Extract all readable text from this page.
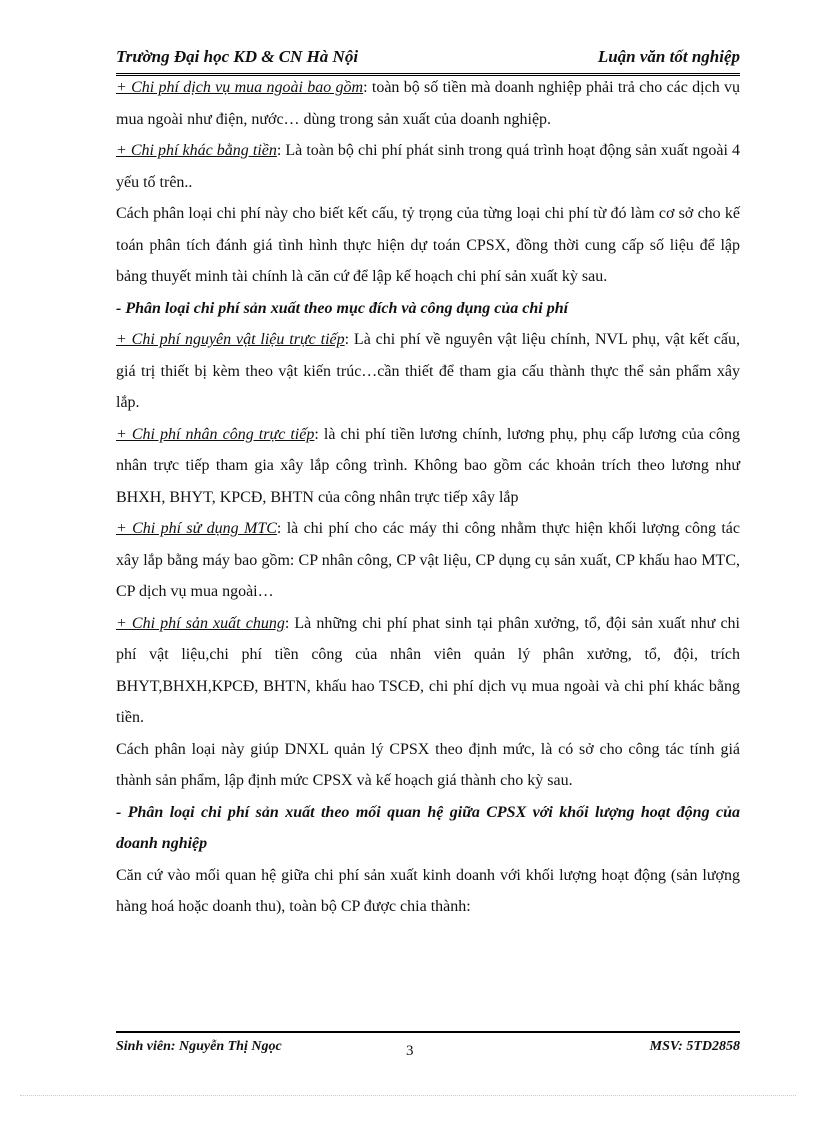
Trường Đại học KD & CN Hà Nội	Luận văn tốt nghiệp

+ Chi phí dịch vụ mua ngoài bao gồm: toàn bộ số tiền mà doanh nghiệp phải trả cho các dịch vụ mua ngoài như điện, nước… dùng trong sản xuất của doanh nghiệp.

+ Chi phí khác bằng tiền: Là toàn bộ chi phí phát sinh trong quá trình hoạt động sản xuất ngoài 4 yếu tố trên..

Cách phân loại chi phí này cho biết kết cấu, tỷ trọng của từng loại chi phí từ đó làm cơ sở cho kế toán phân tích đánh giá tình hình thực hiện dự toán CPSX, đồng thời cung cấp số liệu để lập bảng thuyết minh tài chính là căn cứ để lập kế hoạch chi phí sản xuất kỳ sau.

- Phân loại chi phí sản xuất theo mục đích và công dụng của chi phí

+ Chi phí nguyên vật liệu trực tiếp: Là chi phí về nguyên vật liệu chính, NVL phụ, vật kết cấu, giá trị thiết bị kèm theo vật kiến trúc…cần thiết để tham gia cấu thành thực thể sản phẩm xây lắp.

+ Chi phí nhân công trực tiếp: là chi phí tiền lương chính, lương phụ, phụ cấp lương của công nhân trực tiếp tham gia xây lắp công trình. Không bao gồm các khoản trích theo lương như BHXH, BHYT, KPCĐ, BHTN của công nhân trực tiếp xây lắp

+ Chi phí sử dụng MTC: là chi phí cho các máy thi công nhằm thực hiện khối lượng công tác xây lắp bằng máy bao gồm: CP nhân công, CP vật liệu, CP dụng cụ sản xuất, CP khấu hao MTC, CP dịch vụ mua ngoài…

+ Chi phí sản xuất chung: Là những chi phí phat sinh tại phân xưởng, tổ, đội sản xuất như chi phí vật liệu,chi phí tiền công của nhân viên quản lý phân xưởng, tổ, đội, trích BHYT,BHXH,KPCĐ, BHTN, khấu hao TSCĐ, chi phí dịch vụ mua ngoài và chi phí khác bằng tiền.

Cách phân loại này giúp DNXL quản lý CPSX theo định mức, là có sở cho công tác tính giá thành sản phẩm, lập định mức CPSX và kế hoạch giá thành cho kỳ sau.

- Phân loại chi phí sản xuất theo mối quan hệ giữa CPSX với khối lượng hoạt động của doanh nghiệp

Căn cứ vào mối quan hệ giữa chi phí sản xuất kinh doanh với khối lượng hoạt động (sản lượng hàng hoá hoặc doanh thu), toàn bộ CP được chia thành:

Sinh viên: Nguyễn Thị Ngọc	3	MSV: 5TD2858
